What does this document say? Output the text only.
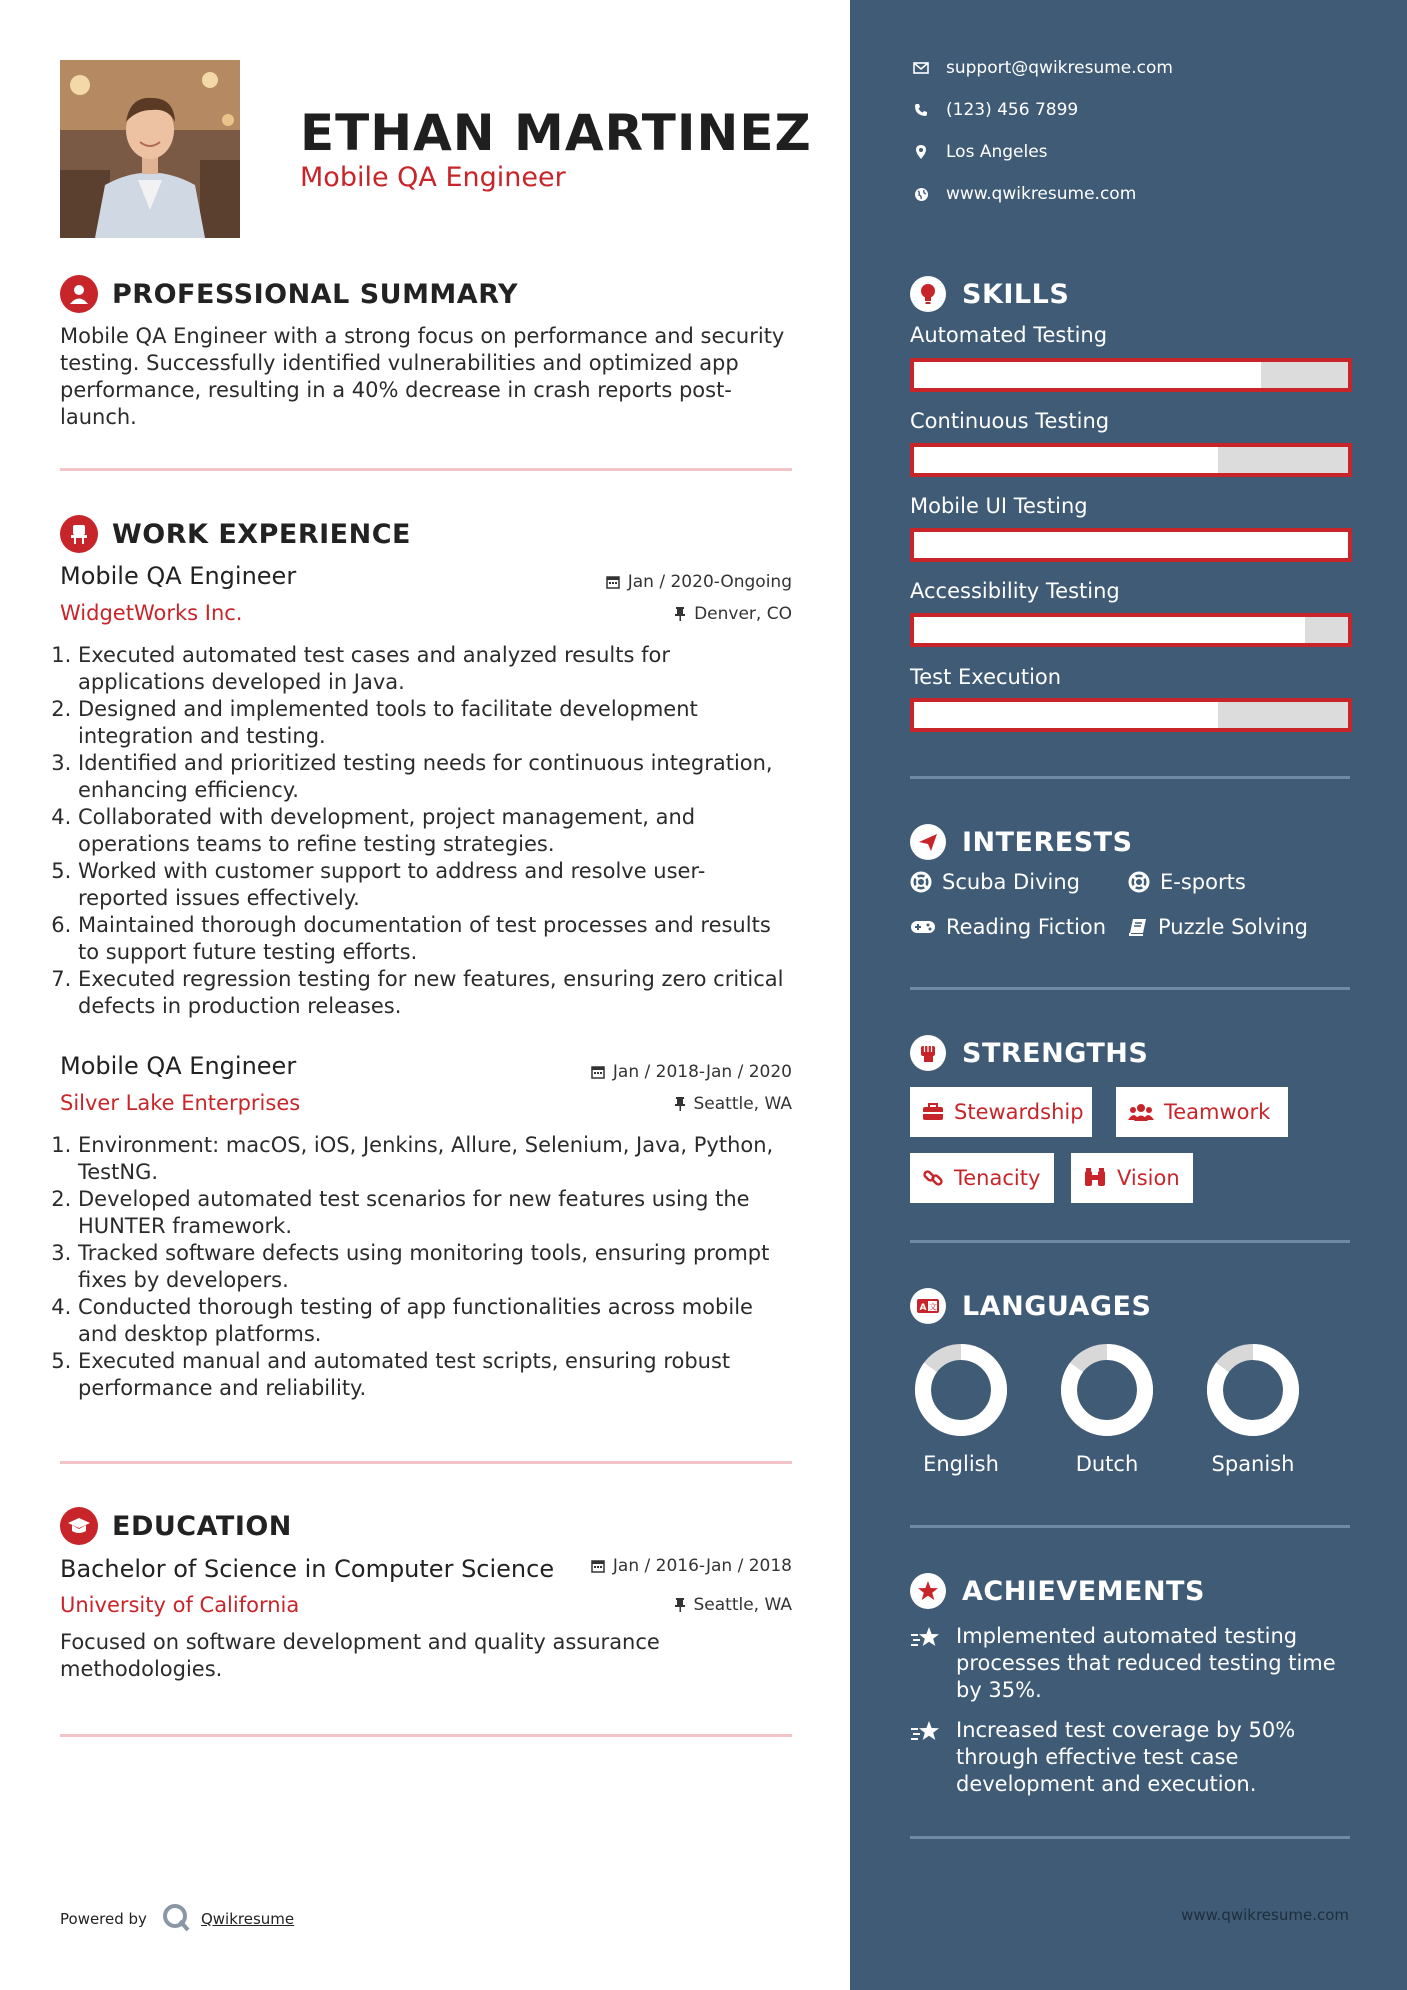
ETHAN MARTINEZ
Mobile QA Engineer
PROFESSIONAL SUMMARY
Mobile QA Engineer with a strong focus on performance and security testing. Successfully identified vulnerabilities and optimized app performance, resulting in a 40% decrease in crash reports post-launch.
WORK EXPERIENCE
Mobile QA Engineer	Jan / 2020-Ongoing
WidgetWorks Inc.	Denver, CO
1. Executed automated test cases and analyzed results for applications developed in Java.
2. Designed and implemented tools to facilitate development integration and testing.
3. Identified and prioritized testing needs for continuous integration, enhancing efficiency.
4. Collaborated with development, project management, and operations teams to refine testing strategies.
5. Worked with customer support to address and resolve user-reported issues effectively.
6. Maintained thorough documentation of test processes and results to support future testing efforts.
7. Executed regression testing for new features, ensuring zero critical defects in production releases.
Mobile QA Engineer	Jan / 2018-Jan / 2020
Silver Lake Enterprises	Seattle, WA
1. Environment: macOS, iOS, Jenkins, Allure, Selenium, Java, Python, TestNG.
2. Developed automated test scenarios for new features using the HUNTER framework.
3. Tracked software defects using monitoring tools, ensuring prompt fixes by developers.
4. Conducted thorough testing of app functionalities across mobile and desktop platforms.
5. Executed manual and automated test scripts, ensuring robust performance and reliability.
EDUCATION
Bachelor of Science in Computer Science	Jan / 2016-Jan / 2018
University of California	Seattle, WA
Focused on software development and quality assurance methodologies.
Powered by	Qwikresume
support@qwikresume.com
(123) 456 7899
Los Angeles
www.qwikresume.com
SKILLS
Automated Testing
Continuous Testing
Mobile UI Testing
Accessibility Testing
Test Execution
INTERESTS
Scuba Diving	E-sports
Reading Fiction Puzzle Solving
STRENGTHS
Stewardship	Teamwork
Tenacity	Vision
A 文 LANGUAGES
English	Dutch	Spanish
ACHIEVEMENTS
Implemented automated testing processes that reduced testing time by 35%.
Increased test coverage by 50% through effective test case development and execution.
www.qwikresume.com
